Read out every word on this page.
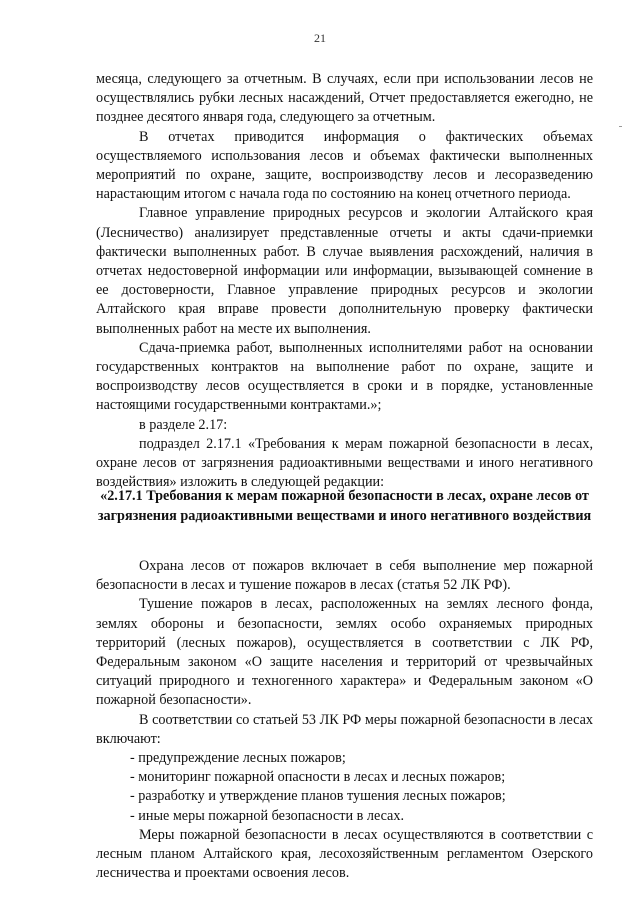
21

месяца, следующего за отчетным. В случаях, если при использовании лесов не осуществлялись рубки лесных насаждений, Отчет предоставляется ежегодно, не позднее десятого января года, следующего за отчетным.

В отчетах приводится информация о фактических объемах осуществляемого использования лесов и объемах фактически выполненных мероприятий по охране, защите, воспроизводству лесов и лесоразведению нарастающим итогом с начала года по состоянию на конец отчетного периода.

Главное управление природных ресурсов и экологии Алтайского края (Лесничество) анализирует представленные отчеты и акты сдачи-приемки фактически выполненных работ. В случае выявления расхождений, наличия в отчетах недостоверной информации или информации, вызывающей сомнение в ее достоверности, Главное управление природных ресурсов и экологии Алтайского края вправе провести дополнительную проверку фактически выполненных работ на месте их выполнения.

Сдача-приемка работ, выполненных исполнителями работ на основании государственных контрактов на выполнение работ по охране, защите и воспроизводству лесов осуществляется в сроки и в порядке, установленные настоящими государственными контрактами.»;

в разделе 2.17:

подраздел 2.17.1 «Требования к мерам пожарной безопасности в лесах, охране лесов от загрязнения радиоактивными веществами и иного негативного воздействия» изложить в следующей редакции:

«2.17.1 Требования к мерам пожарной безопасности в лесах, охране лесов от загрязнения радиоактивными веществами и иного негативного воздействия

Охрана лесов от пожаров включает в себя выполнение мер пожарной безопасности в лесах и тушение пожаров в лесах (статья 52 ЛК РФ).

Тушение пожаров в лесах, расположенных на землях лесного фонда, землях обороны и безопасности, землях особо охраняемых природных территорий (лесных пожаров), осуществляется в соответствии с ЛК РФ, Федеральным законом «О защите населения и территорий от чрезвычайных ситуаций природного и техногенного характера» и Федеральным законом «О пожарной безопасности».

В соответствии со статьей 53 ЛК РФ меры пожарной безопасности в лесах включают:

- предупреждение лесных пожаров;

- мониторинг пожарной опасности в лесах и лесных пожаров;

- разработку и утверждение планов тушения лесных пожаров;

- иные меры пожарной безопасности в лесах.

Меры пожарной безопасности в лесах осуществляются в соответствии с лесным планом Алтайского края, лесохозяйственным регламентом Озерского лесничества и проектами освоения лесов.
